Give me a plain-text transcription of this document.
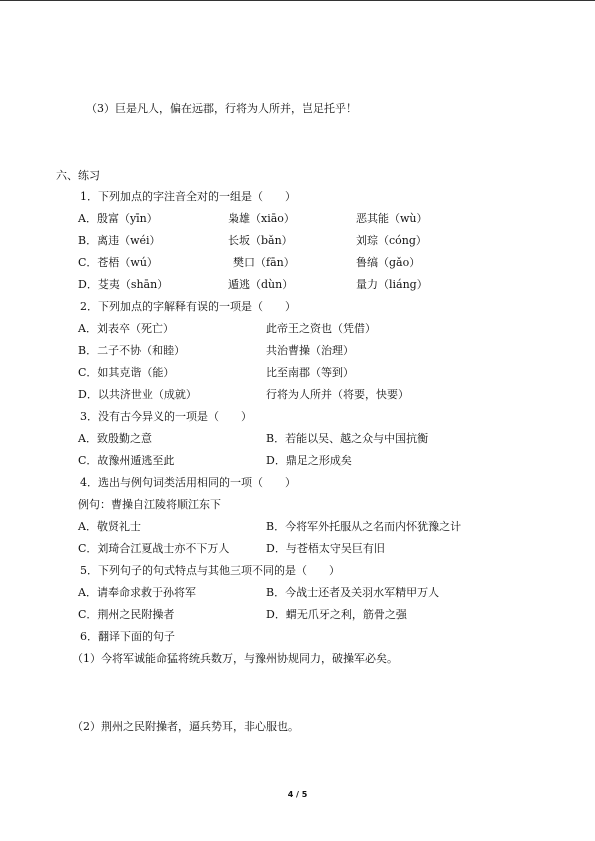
（3）巨是凡人，偏在远郡，行将为人所并，岂足托乎！
六、练习
1．下列加点的字注音全对的一组是（　　）
A．殷富（yīn）	枭雄（xiāo）	恶其能（wù）
B．离违（wéi）	长坂（bǎn）	刘琮（cóng）
C．苍梧（wú）	樊口（fān）	鲁缟（gǎo）
D．芟夷（shān）	遁逃（dùn）	量力（liáng）
2．下列加点的字解释有误的一项是（　　）
A．刘表卒（死亡）	此帝王之资也（凭借）
B．二子不协（和睦）	共治曹操（治理）
C．如其克谐（能）	比至南郡（等到）
D．以共济世业（成就）	行将为人所并（将要，快要）
3．没有古今异义的一项是（　　）
A．致殷勤之意	B．若能以吴、越之众与中国抗衡
C．故豫州遁逃至此	D．鼎足之形成矣
4．选出与例句词类活用相同的一项（　　）
例句：曹操自江陵将顺江东下
A．敬贤礼士	B．今将军外托服从之名而内怀犹豫之计
C．刘琦合江夏战士亦不下万人	D．与苍梧太守吴巨有旧
5．下列句子的句式特点与其他三项不同的是（　　）
A．请奉命求救于孙将军	B．今战士还者及关羽水军精甲万人
C．荆州之民附操者	D．蝟无爪牙之利，筋骨之强
6．翻译下面的句子
（1）今将军诚能命猛将统兵数万，与豫州协规同力，破操军必矣。
（2）荆州之民附操者，逼兵势耳，非心服也。
4 / 5
